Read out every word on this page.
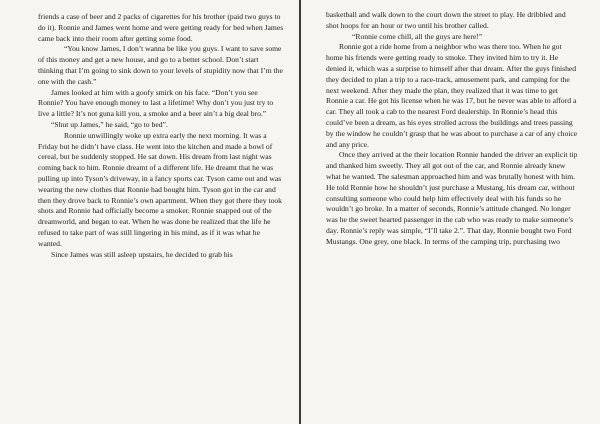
friends a case of beer and 2 packs of cigarettes for his brother (paid two guys to do it). Ronnie and James went home and were getting ready for bed when James came back into their room after getting some food.

“You know James, I don’t wanna be like you guys. I want to save some of this money and get a new house, and go to a better school. Don’t start thinking that I’m going to sink down to your levels of stupidity now that I’m the one with the cash.”

James looked at him with a goofy smirk on his face. “Don’t you see Ronnie? You have enough money to last a lifetime! Why don’t you just try to live a little? It’s not guna kill you, a smoke and a beer ain’t a big deal bro.”

“Shut up James,” he said, “go to bed”.

Ronnie unwillingly woke up extra early the next morning. It was a Friday but he didn’t have class. He went into the kitchen and made a bowl of cereal, but he suddenly stopped. He sat down. His dream from last night was coming back to him. Ronnie dreamt of a different life. He dreamt that he was pulling up into Tyson’s driveway, in a fancy sports car. Tyson came out and was wearing the new clothes that Ronnie had bought him. Tyson got in the car and then they drove back to Ronnie’s own apartment. When they got there they took shots and Ronnie had officially become a smoker. Ronnie snapped out of the dreamworld, and began to eat. When he was done he realized that the life he refused to take part of was still lingering in his mind, as if it was what he wanted.

Since James was still asleep upstairs, he decided to grab his

basketball and walk down to the court down the street to play. He dribbled and shot hoops for an hour or two until his brother called.

“Ronnie come chill, all the guys are here!”

Ronnie got a ride home from a neighbor who was there too. When he got home his friends were getting ready to smoke. They invited him to try it. He denied it, which was a surprise to himself after that dream. After the guys finished they decided to plan a trip to a race-track, amusement park, and camping for the next weekend. After they made the plan, they realized that it was time to get Ronnie a car. He got his license when he was 17, but he never was able to afford a car. They all took a cab to the nearest Ford dealership. In Ronnie’s head this could’ve been a dream, as his eyes strolled across the buildings and trees passing by the window he couldn’t grasp that he was about to purchase a car of any choice and any price.

Once they arrived at the their location Ronnie handed the driver an explicit tip and thanked him sweetly. They all got out of the car, and Ronnie already knew what he wanted. The salesman approached him and was brutally honest with him. He told Ronnie how he shouldn’t just purchase a Mustang, his dream car, without consulting someone who could help him effectively deal with his funds so he wouldn’t go broke. In a matter of seconds, Ronnie’s attitude changed. No longer was he the sweet hearted passenger in the cab who was ready to make someone’s day. Ronnie’s reply was simple, “I’ll take 2.”. That day, Ronnie bought two Ford Mustangs. One grey, one black. In terms of the camping trip, purchasing two
